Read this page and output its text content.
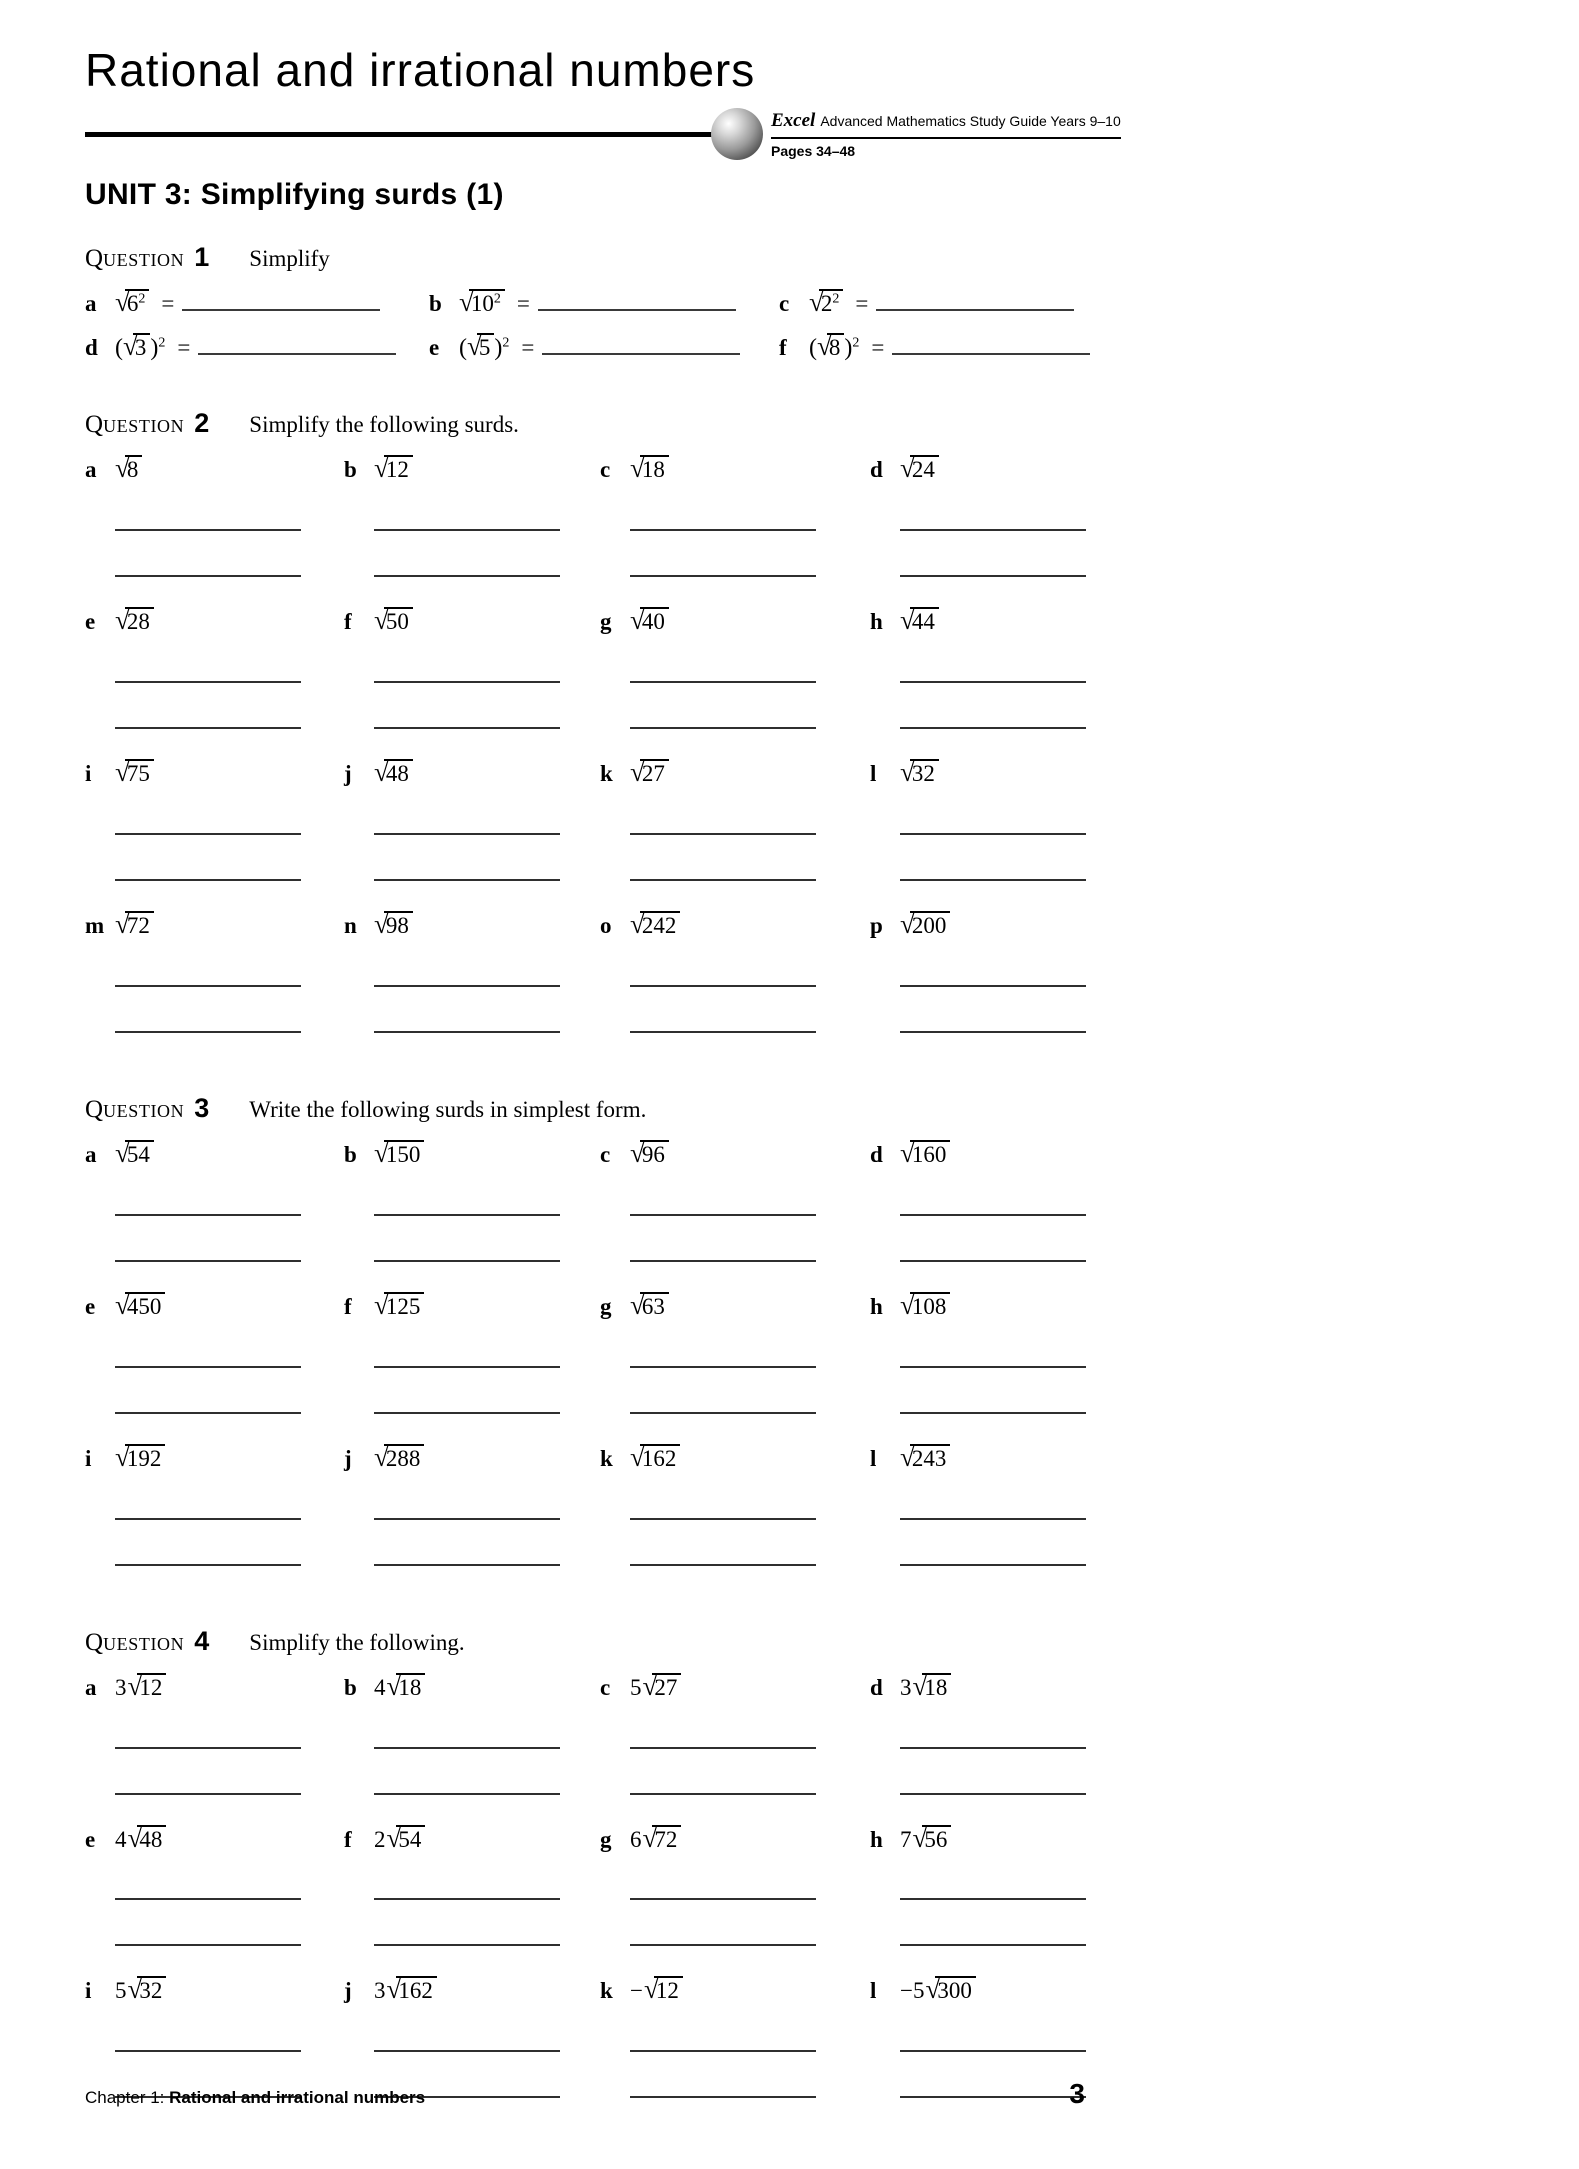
Rational and irrational numbers
Excel Advanced Mathematics Study Guide Years 9–10
Pages 34–48
UNIT 3: Simplifying surds (1)
QUESTION 1 Simplify
a $√6^2$ =	b $√10^2$ =	c $√2^2$ =
d (√3 )$^2$ =	e (√5 )$^2$ =	f (√8 )$^2$ =
QUESTION 2 Simplify the following surds.
a √8	b √12	c √18	d √24
e √28	f √50	g √40	h √44
i √75	j √48	k √27	l √32
m √72	n √98	o √242	p √200
QUESTION 3 Write the following surds in simplest form.
a √54	b √150	c √96	d √160
e √450	f √125	g √63	h √108
i √192	j √288	k √162	l √243
QUESTION 4 Simplify the following.
a 3√12	b 4√18	c 5√27	d 3√18
e 4√48	f 2√54	g 6√72	h 7√56
i 5√32	j 3√162	k −√12	l −5√300
Chapter 1: Rational and irrational numbers	3
